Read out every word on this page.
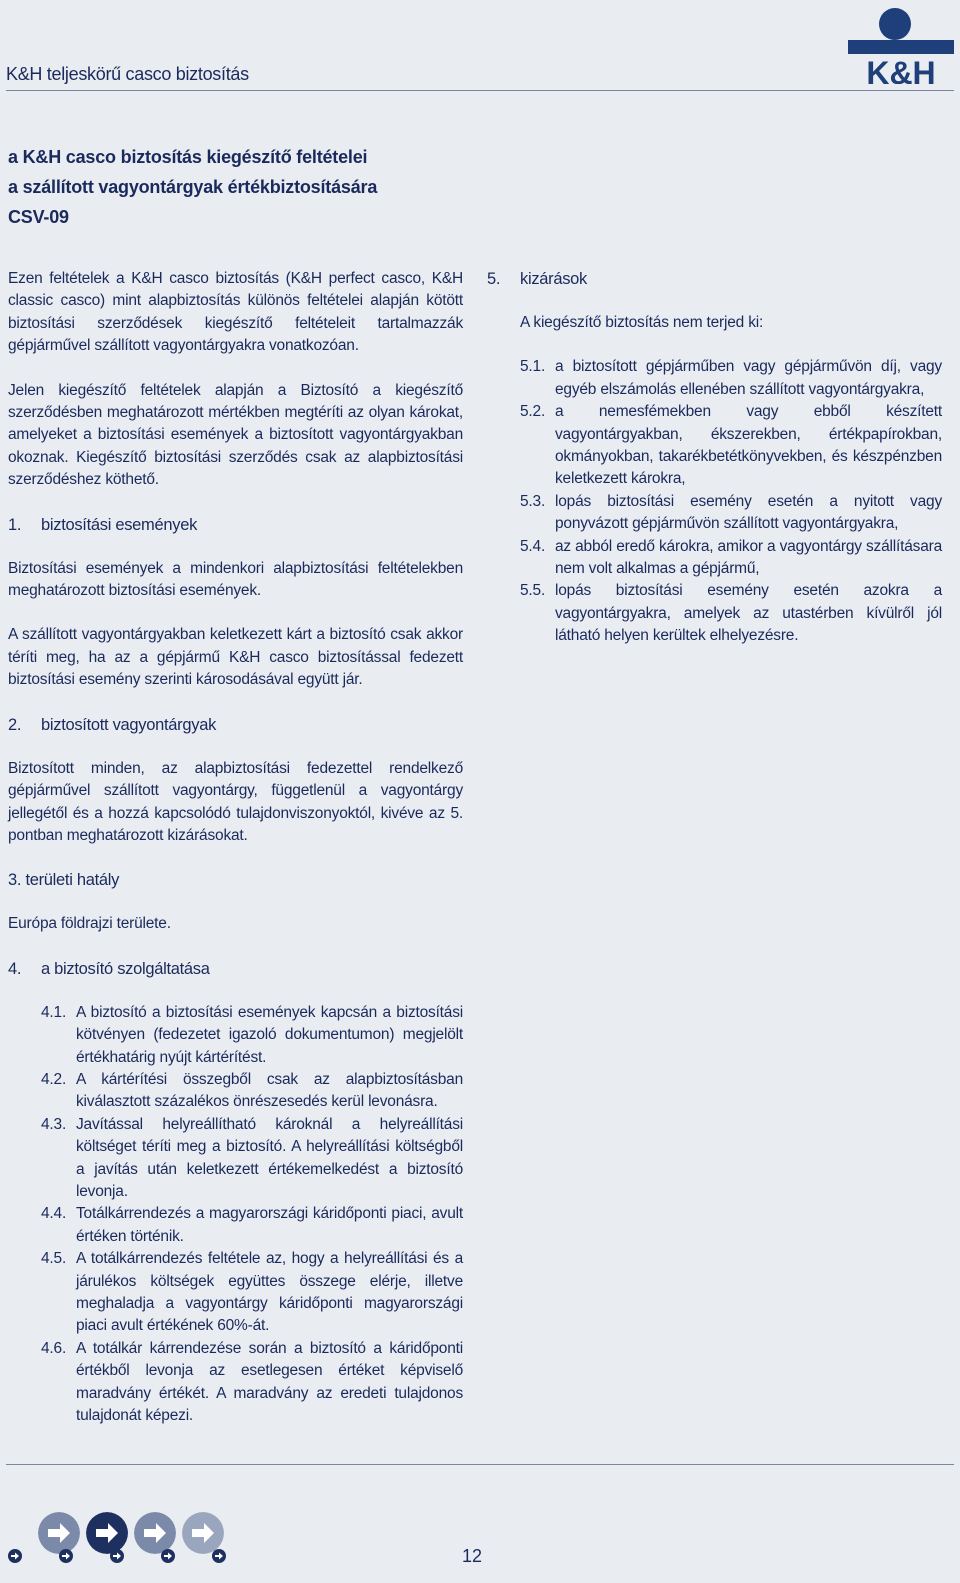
K&H teljeskörű casco biztosítás	K&H
a K&H casco biztosítás kiegészítő feltételei
a szállított vagyontárgyak értékbiztosítására
CSV-09

Ezen feltételek a K&H casco biztosítás (K&H perfect casco, K&H classic casco) mint alapbiztosítás különös feltételei alapján kötött biztosítási szerződések kiegészítő feltételeit tartalmazzák gépjárművel szállított vagyontárgyakra vonatkozóan.

Jelen kiegészítő feltételek alapján a Biztosító a kiegészítő szerződésben meghatározott mértékben megtéríti az olyan károkat, amelyeket a biztosítási események a biztosított vagyontárgyakban okoznak. Kiegészítő biztosítási szerződés csak az alapbiztosítási szerződéshez köthető.

1.	biztosítási események

Biztosítási események a mindenkori alapbiztosítási feltételekben meghatározott biztosítási események.

A szállított vagyontárgyakban keletkezett kárt a biztosító csak akkor téríti meg, ha az a gépjármű K&H casco biztosítással fedezett biztosítási esemény szerinti károsodásával együtt jár.

2.	biztosított vagyontárgyak

Biztosított minden, az alapbiztosítási fedezettel rendelkező gépjárművel szállított vagyontárgy, függetlenül a vagyontárgy jellegétől és a hozzá kapcsolódó tulajdonviszonyoktól, kivéve az 5. pontban meghatározott kizárásokat.

3. területi hatály

Európa földrajzi területe.

4.	a biztosító szolgáltatása
4.1. A biztosító a biztosítási események kapcsán a biztosítási kötvényen (fedezetet igazoló dokumentumon) megjelölt értékhatárig nyújt kártérítést.
4.2. A kártérítési összegből csak az alapbiztosításban kiválasztott százalékos önrészesedés kerül levonásra.
4.3. Javítással helyreállítható károknál a helyreállítási költséget téríti meg a biztosító. A helyreállítási költségből a javítás után keletkezett értékemelkedést a biztosító levonja.
4.4. Totálkárrendezés a magyarországi káridőponti piaci, avult értéken történik.
4.5. A totálkárrendezés feltétele az, hogy a helyreállítási és a járulékos költségek együttes összege elérje, illetve meghaladja a vagyontárgy káridőponti magyarországi piaci avult értékének 60%-át.
4.6. A totálkár kárrendezése során a biztosító a káridőponti értékből levonja az esetlegesen értéket képviselő maradvány értékét. A maradvány az eredeti tulajdonos tulajdonát képezi.
5.	kizárások

A kiegészítő biztosítás nem terjed ki:

5.1. a biztosított gépjárműben vagy gépjárművön díj, vagy egyéb elszámolás ellenében szállított vagyontárgyakra,
5.2. a nemesfémekben vagy ebből készített vagyontárgyakban, ékszerekben, értékpapírokban, okmányokban, takarékbetétkönyvekben, és készpénzben keletkezett károkra,
5.3. lopás biztosítási esemény esetén a nyitott vagy ponyvázott gépjárművön szállított vagyontárgyakra,
5.4. az abból eredő károkra, amikor a vagyontárgy szállításara nem volt alkalmas a gépjármű,
5.5. lopás biztosítási esemény esetén azokra a vagyontárgyakra, amelyek az utastérben kívülről jól látható helyen kerültek elhelyezésre.
12
